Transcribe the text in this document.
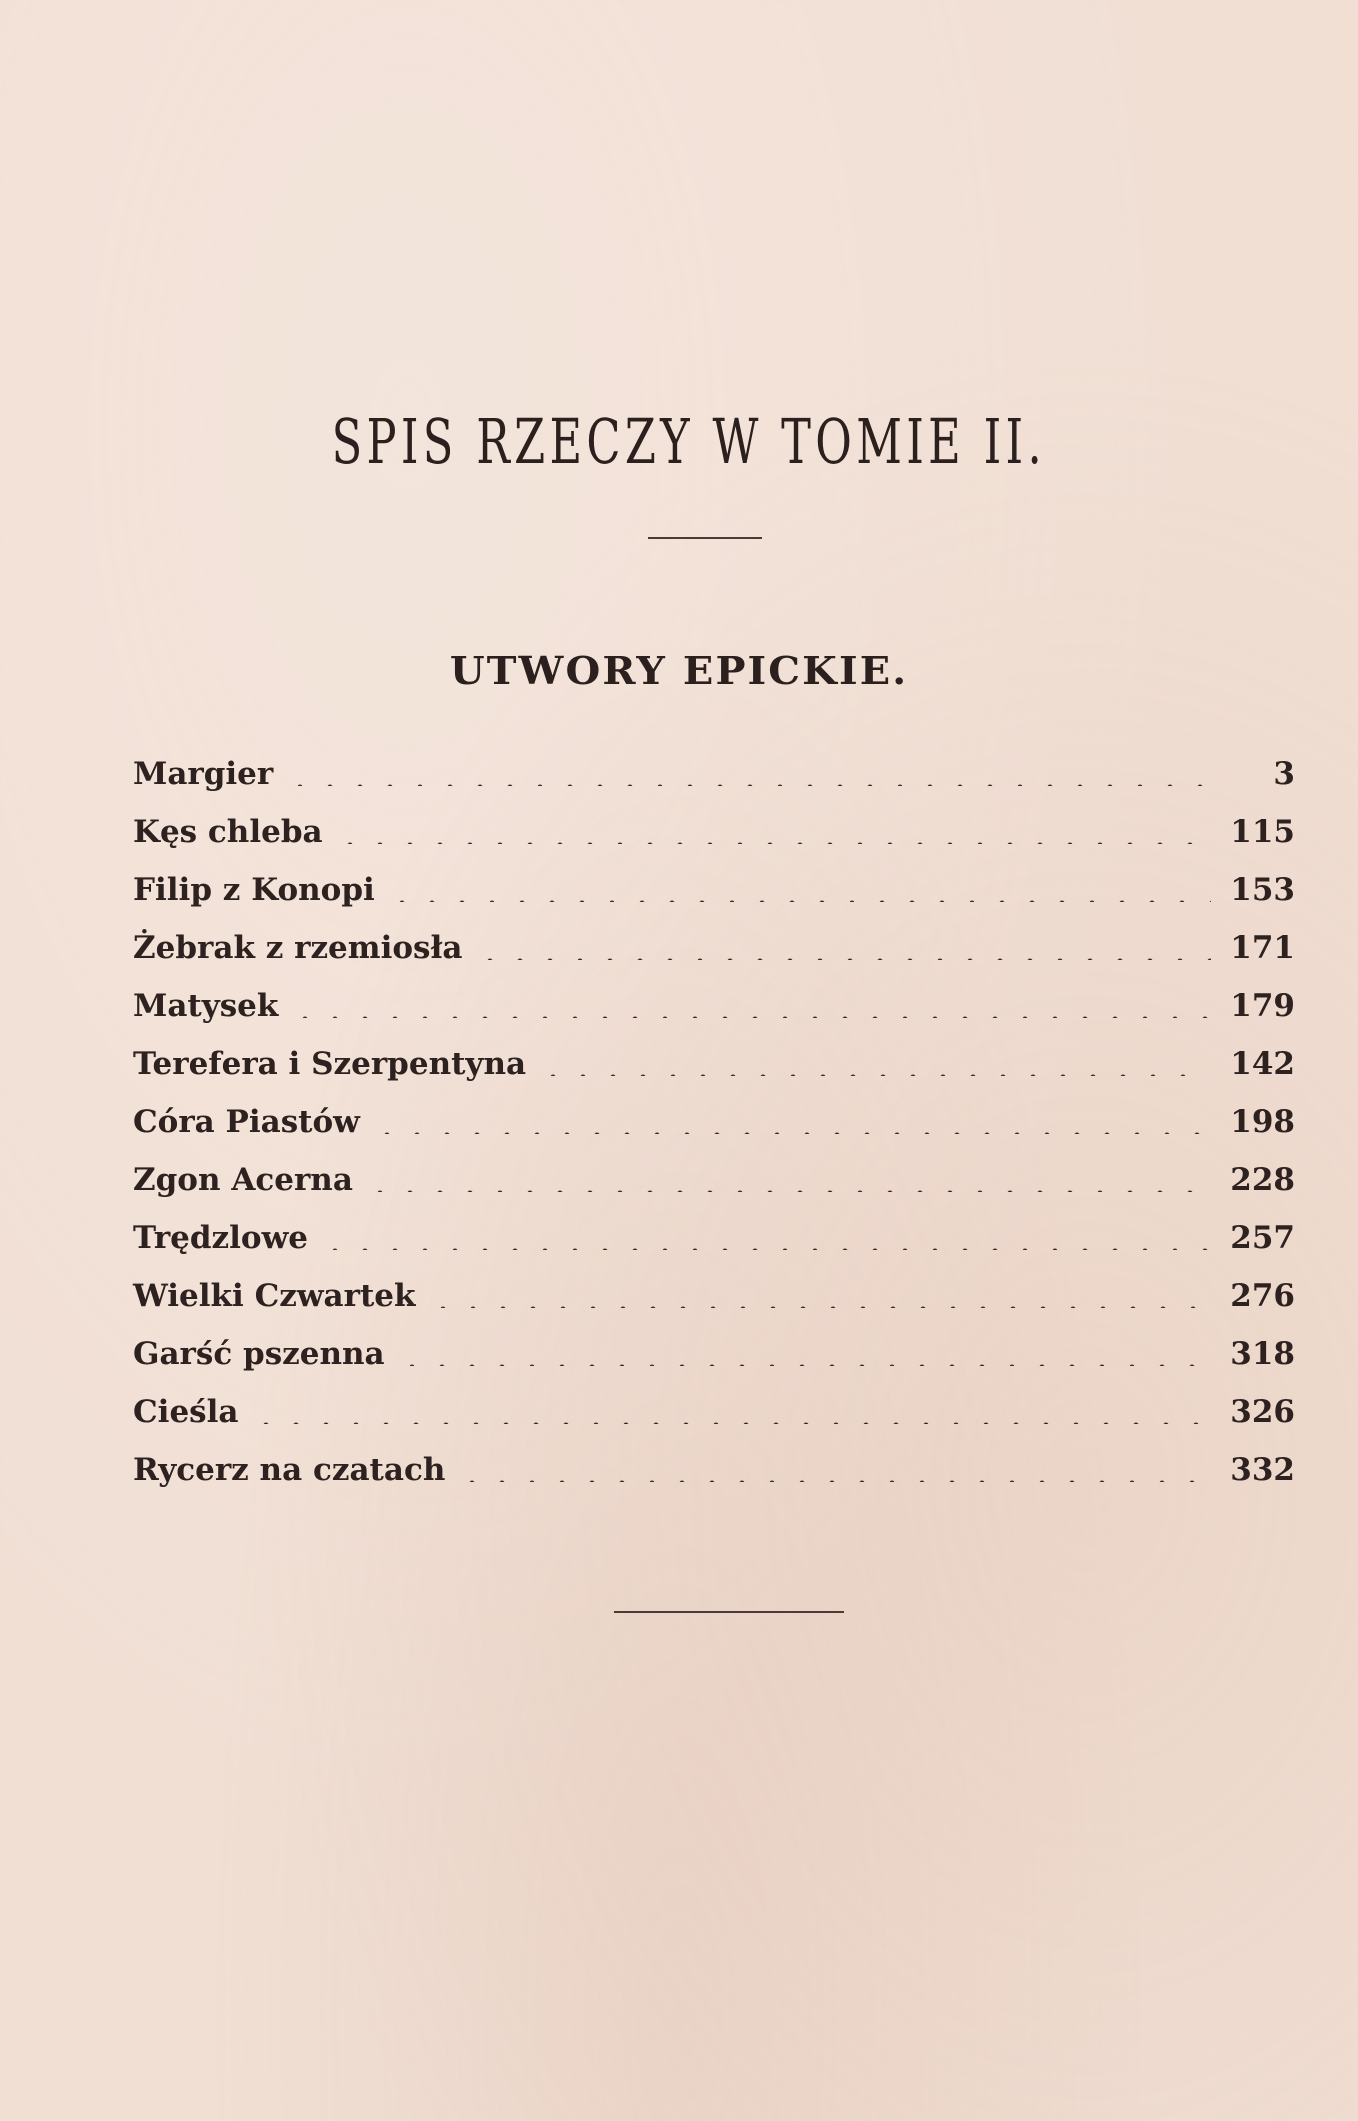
SPIS RZECZY W TOMIE II.
UTWORY EPICKIE.
Margier	3
Kęs chleba	115
Filip z Konopi	153
Żebrak z rzemiosła	171
Matysek	179
Terefera i Szerpentyna	142
Córa Piastów	198
Zgon Acerna	228
Trędzlowe	257
Wielki Czwartek	276
Garść pszenna	318
Cieśla	326
Rycerz na czatach	332
